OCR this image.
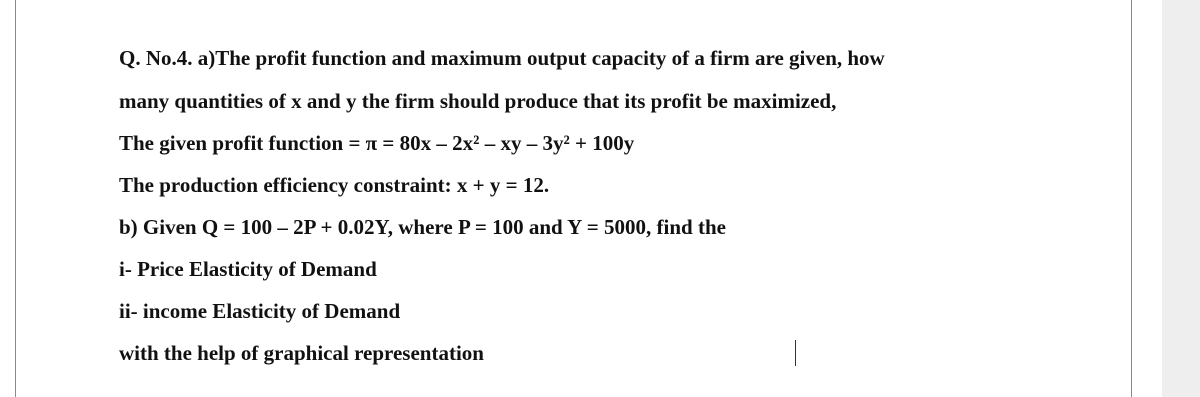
Q. No.4. a)The profit function and maximum output capacity of a firm are given, how
many quantities of x and y the firm should produce that its profit be maximized,
The given profit function = π = 80x – 2x² – xy – 3y² + 100y
The production efficiency constraint: x + y = 12.
b) Given Q = 100 – 2P + 0.02Y, where P = 100 and Y = 5000, find the
i- Price Elasticity of Demand
ii- income Elasticity of Demand
with the help of graphical representation
